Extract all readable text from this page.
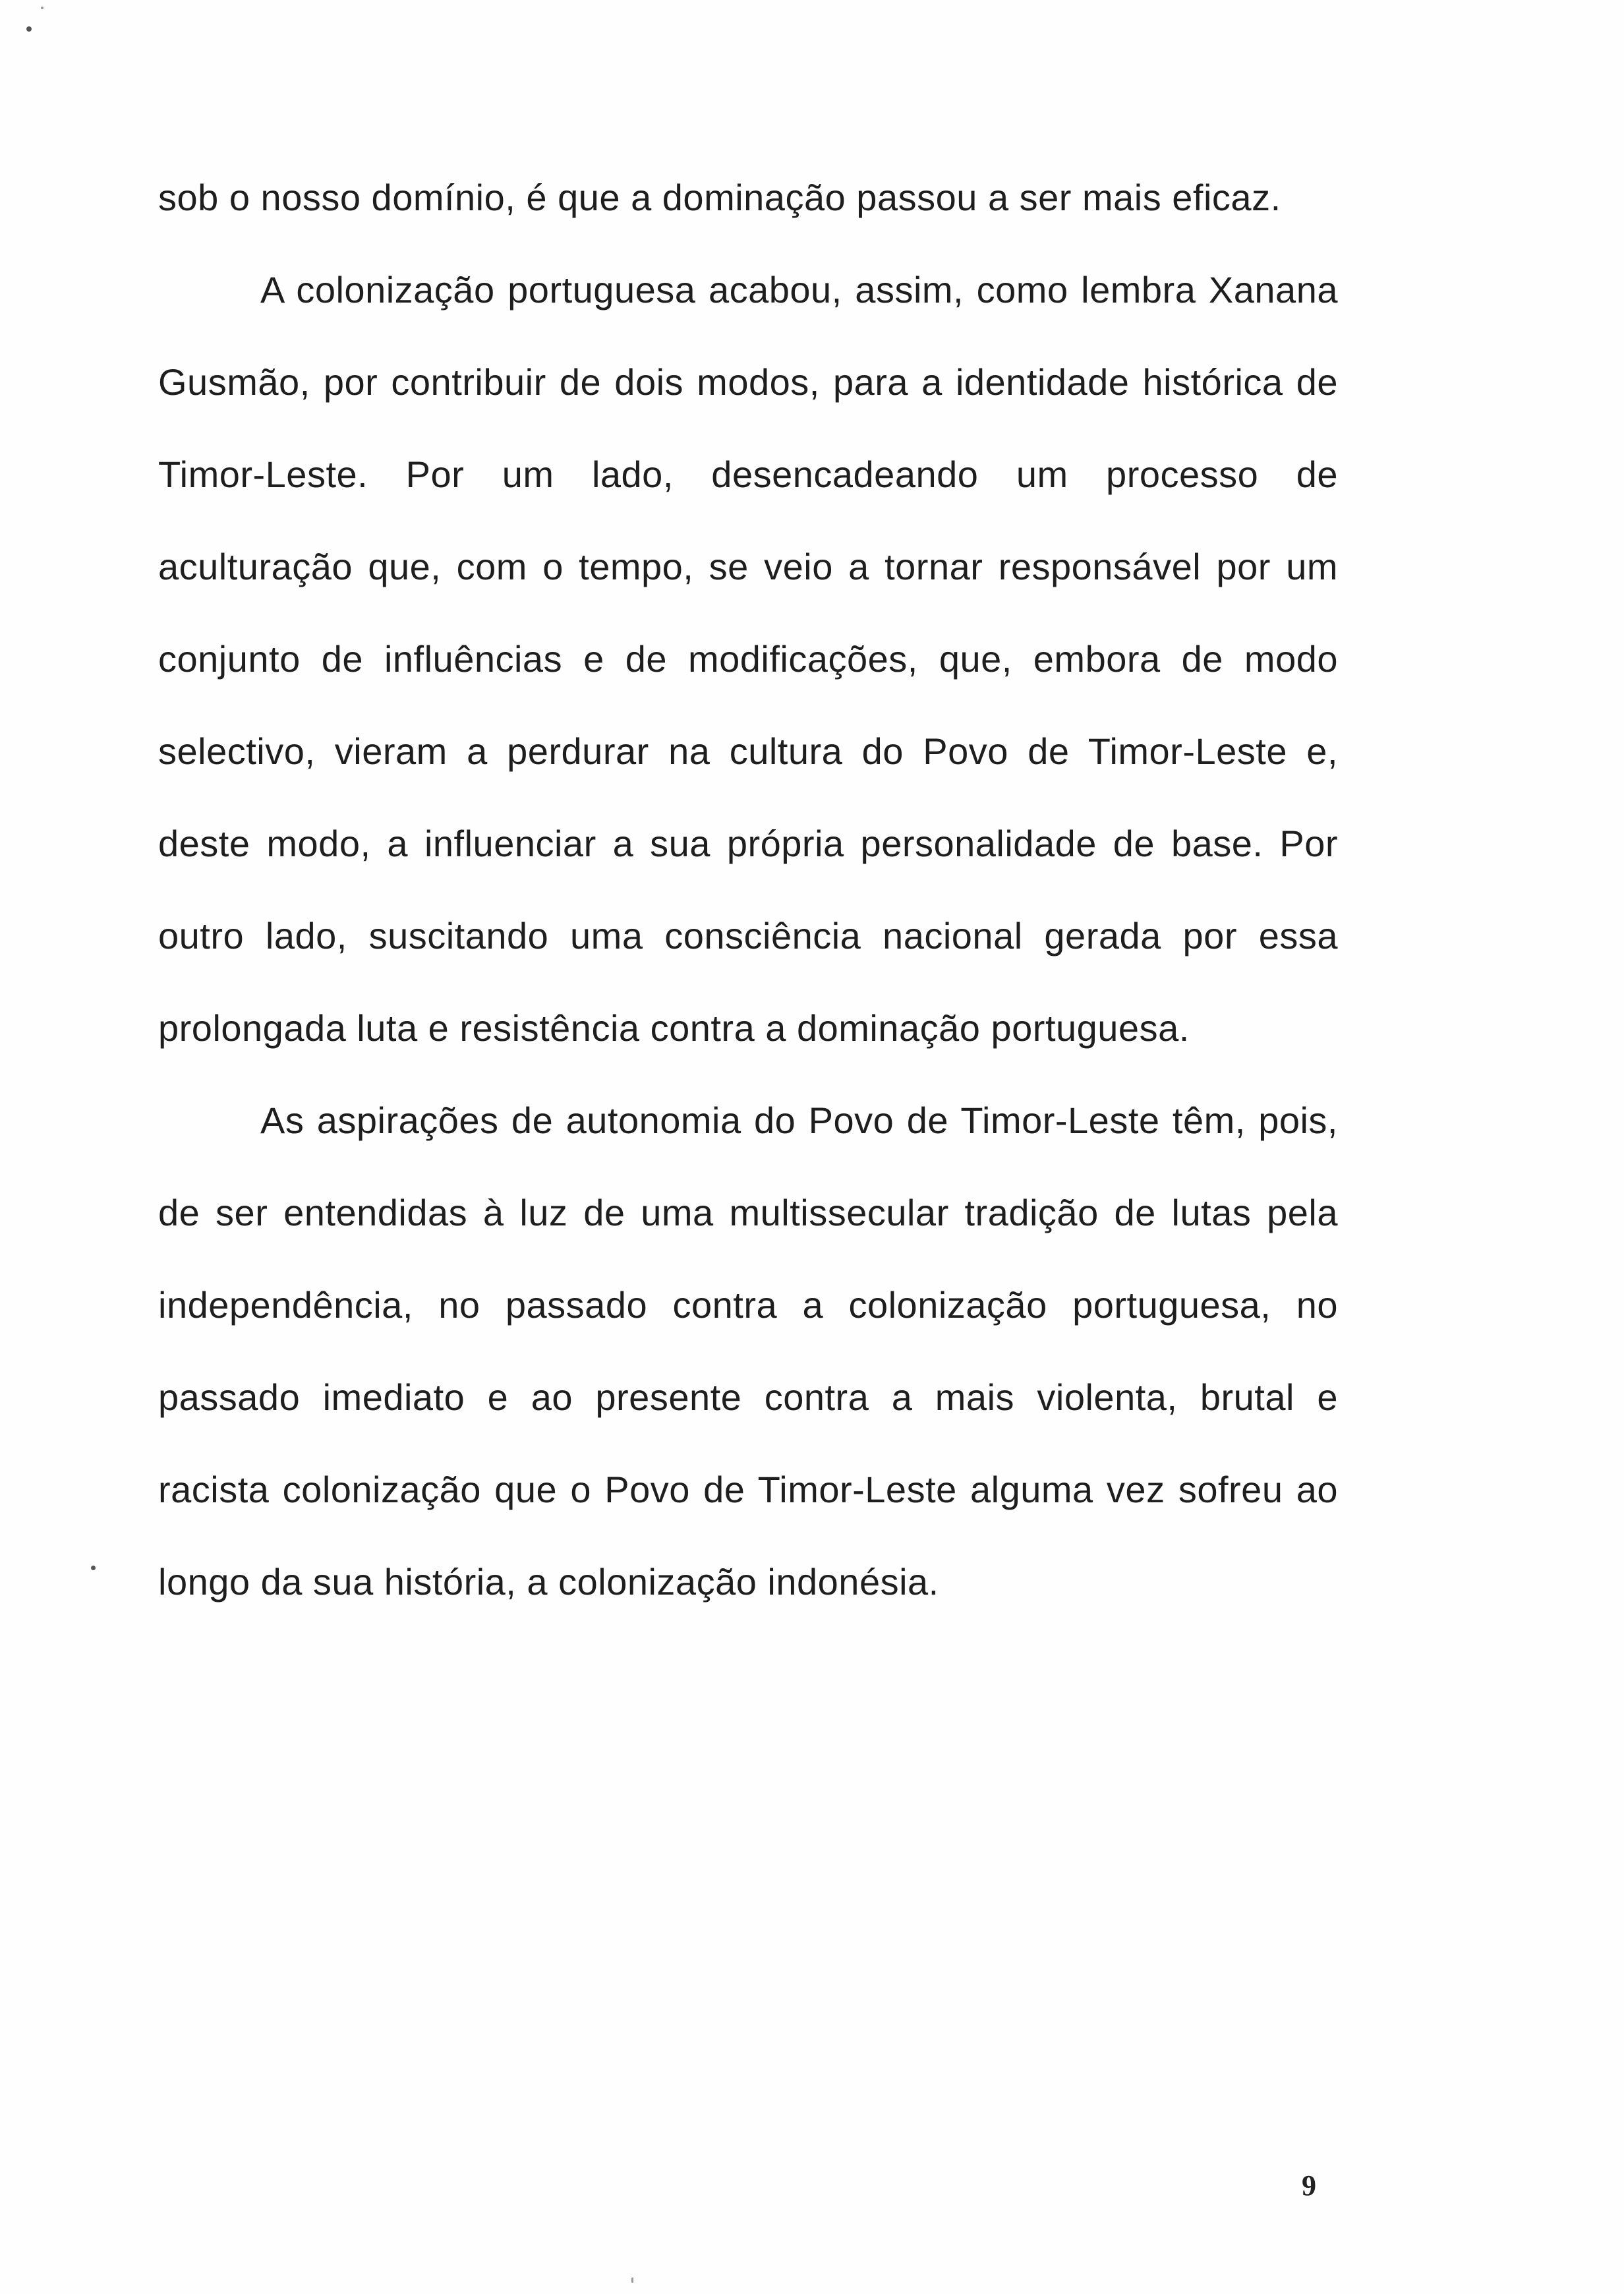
sob o nosso domínio, é que a dominação passou a ser mais eficaz.

A colonização portuguesa acabou, assim, como lembra Xanana Gusmão, por contribuir de dois modos, para a identidade histórica de Timor-Leste. Por um lado, desencadeando um processo de aculturação que, com o tempo, se veio a tornar responsável por um conjunto de influências e de modificações, que, embora de modo selectivo, vieram a perdurar na cultura do Povo de Timor-Leste e, deste modo, a influenciar a sua própria personalidade de base. Por outro lado, suscitando uma consciência nacional gerada por essa prolongada luta e resistência contra a dominação portuguesa.

As aspirações de autonomia do Povo de Timor-Leste têm, pois, de ser entendidas à luz de uma multissecular tradição de lutas pela independência, no passado contra a colonização portuguesa, no passado imediato e ao presente contra a mais violenta, brutal e racista colonização que o Povo de Timor-Leste alguma vez sofreu ao longo da sua história, a colonização indonésia.

9
